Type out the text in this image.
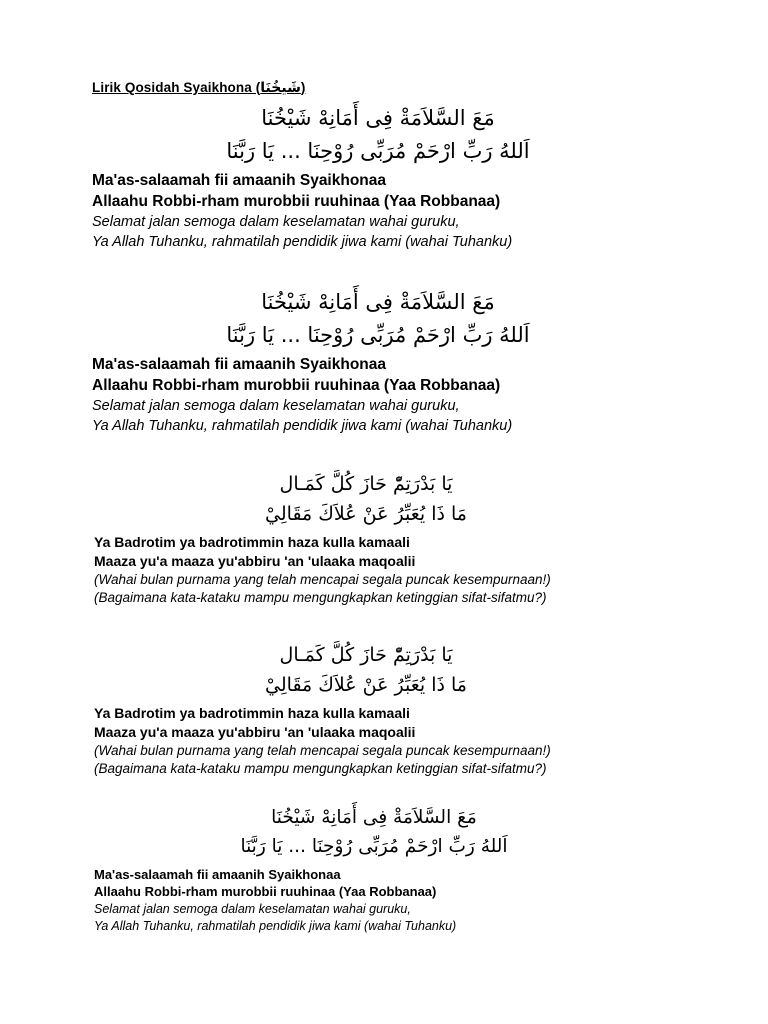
Lirik Qosidah Syaikhona (شَيخُنَا)
مَعَ السَّلاَمَةْ فِى أَمَانِهْ شَيْخُنَا
اَللهُ رَبِّ ارْحَمْ مُرَبِّى رُوْحِنَا ... يَا رَبَّنَا
Ma'as-salaamah fii amaanih Syaikhonaa
Allaahu Robbi-rham murobbii ruuhinaa (Yaa Robbanaa)
Selamat jalan semoga dalam keselamatan wahai guruku,
Ya Allah Tuhanku, rahmatilah pendidik jiwa kami (wahai Tuhanku)
مَعَ السَّلاَمَةْ فِى أَمَانِهْ شَيْخُنَا
اَللهُ رَبِّ ارْحَمْ مُرَبِّى رُوْحِنَا ... يَا رَبَّنَا
Ma'as-salaamah fii amaanih Syaikhonaa
Allaahu Robbi-rham murobbii ruuhinaa (Yaa Robbanaa)
Selamat jalan semoga dalam keselamatan wahai guruku,
Ya Allah Tuhanku, rahmatilah pendidik jiwa kami (wahai Tuhanku)
يَا بَدْرَتِمّْ حَازَ كُلَّ كَمَـال
مَا ذَا يُعَبِّرُ عَنْ عُلاَكَ مَقَالِيْ
Ya Badrotim ya badrotimmin haza kulla kamaali
Maaza yu'a maaza yu'abbiru 'an 'ulaaka maqoalii
(Wahai bulan purnama yang telah mencapai segala puncak kesempurnaan!)
(Bagaimana kata-kataku mampu mengungkapkan ketinggian sifat-sifatmu?)
يَا بَدْرَتِمّْ حَازَ كُلَّ كَمَـال
مَا ذَا يُعَبِّرُ عَنْ عُلاَكَ مَقَالِيْ
Ya Badrotim ya badrotimmin haza kulla kamaali
Maaza yu'a maaza yu'abbiru 'an 'ulaaka maqoalii
(Wahai bulan purnama yang telah mencapai segala puncak kesempurnaan!)
(Bagaimana kata-kataku mampu mengungkapkan ketinggian sifat-sifatmu?)
مَعَ السَّلاَمَةْ فِى أَمَانِهْ شَيْخُنَا
اَللهُ رَبِّ ارْحَمْ مُرَبِّى رُوْحِنَا ... يَا رَبَّنَا
Ma'as-salaamah fii amaanih Syaikhonaa
Allaahu Robbi-rham murobbii ruuhinaa (Yaa Robbanaa)
Selamat jalan semoga dalam keselamatan wahai guruku,
Ya Allah Tuhanku, rahmatilah pendidik jiwa kami (wahai Tuhanku)
